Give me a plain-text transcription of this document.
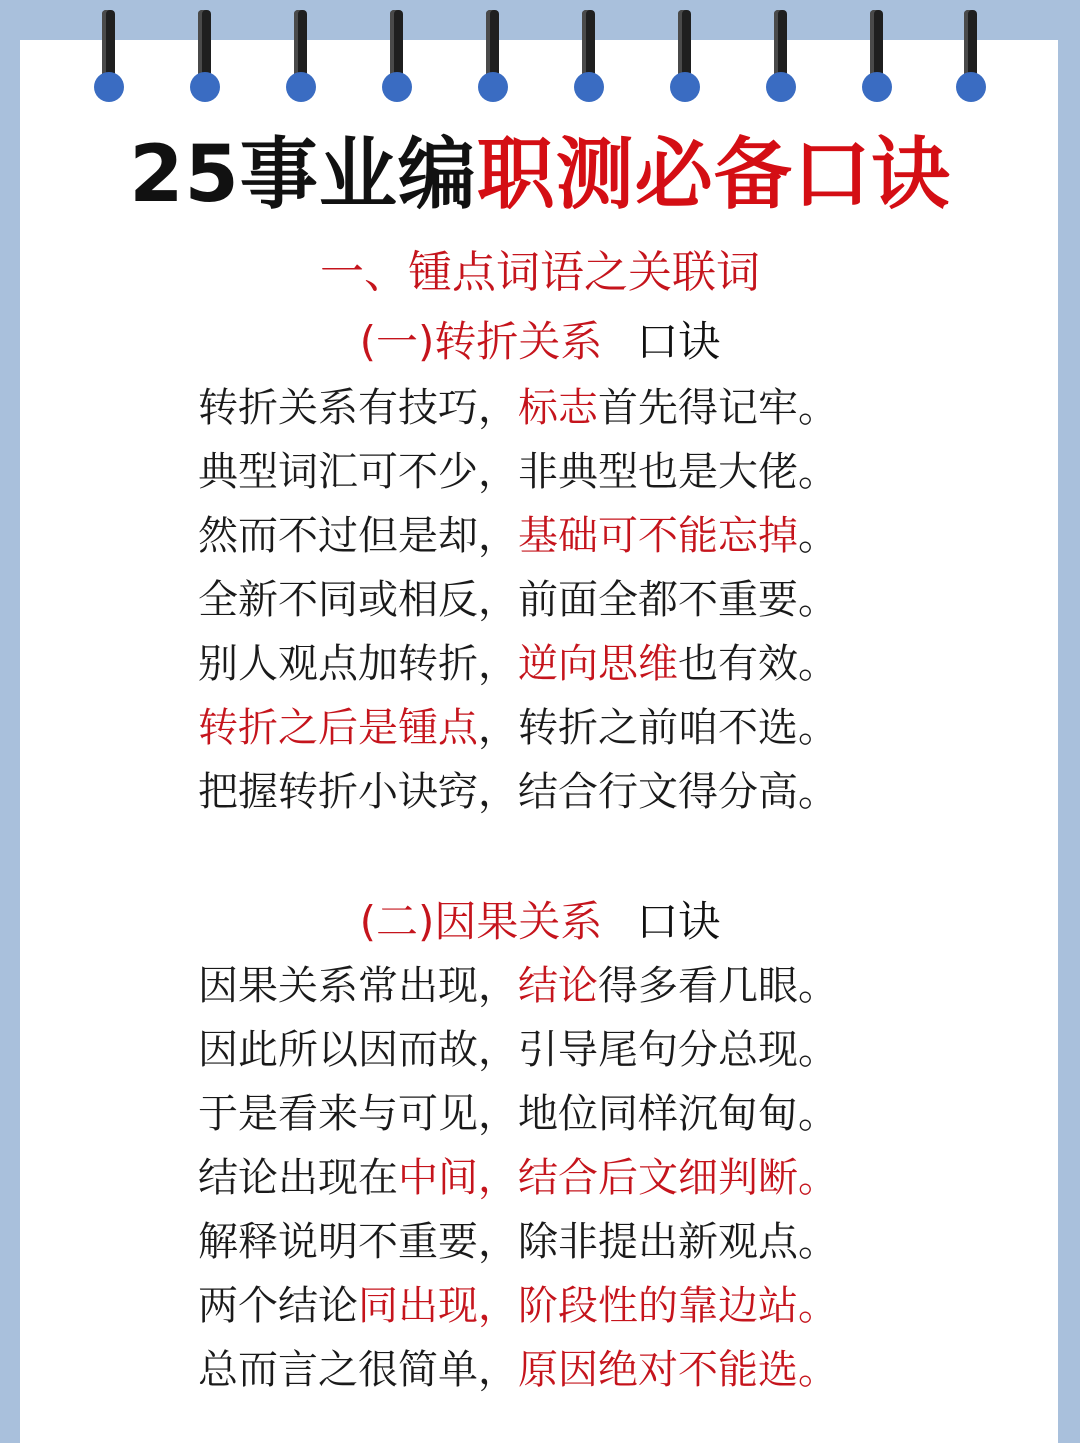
25事业编职测必备口诀
一、锺点词语之关联词
(一)转折关系 口诀
转折关系有技巧，标志首先得记牢。
典型词汇可不少，非典型也是大佬。
然而不过但是却，基础可不能忘掉。
全新不同或相反，前面全都不重要。
别人观点加转折，逆向思维也有效。
转折之后是锺点，转折之前咱不选。
把握转折小诀窍，结合行文得分高。
(二)因果关系 口诀
因果关系常出现，结论得多看几眼。
因此所以因而故，引导尾句分总现。
于是看来与可见，地位同样沉甸甸。
结论出现在中间，结合后文细判断。
解释说明不重要，除非提出新观点。
两个结论同出现，阶段性的靠边站。
总而言之很简单，原因绝对不能选。
